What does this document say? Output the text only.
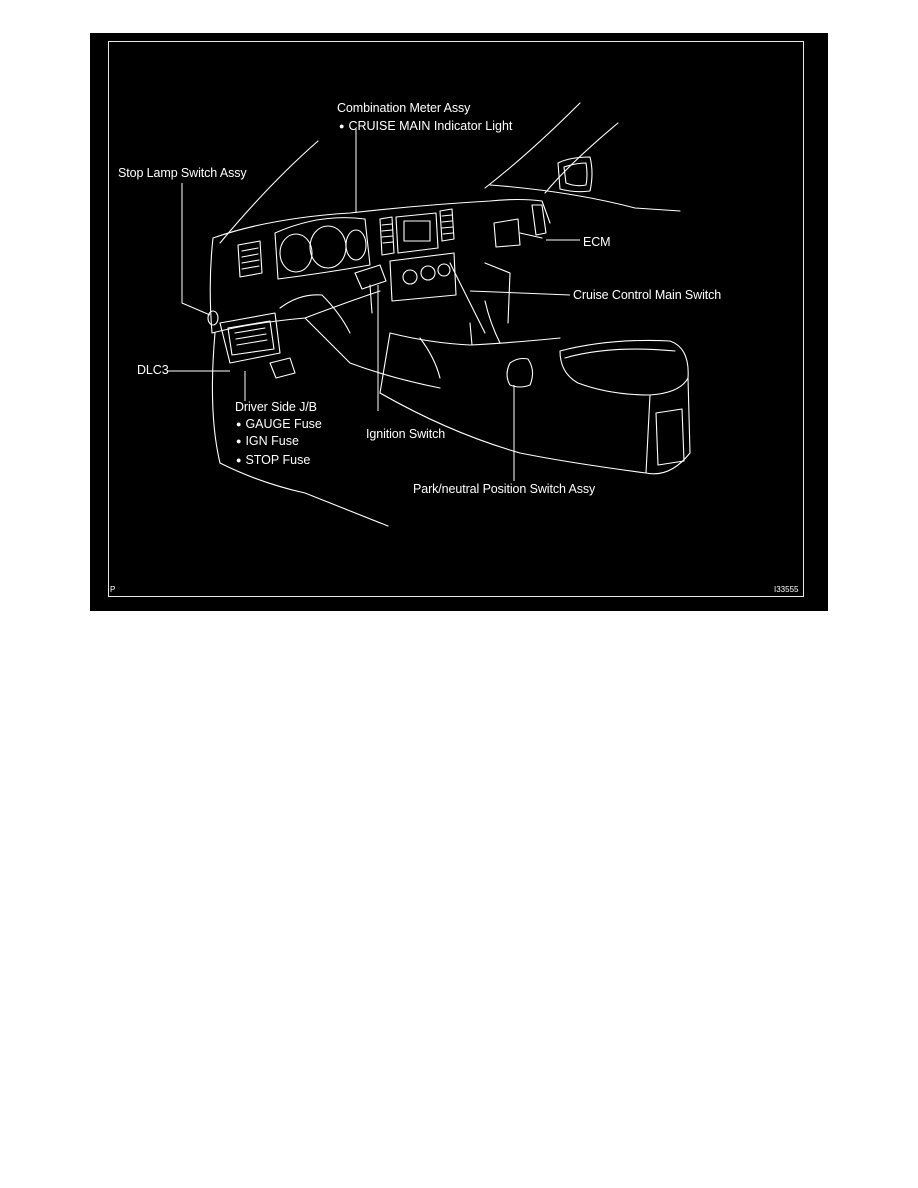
Combination Meter Assy
● CRUISE MAIN Indicator Light
Stop Lamp Switch Assy
ECM
Cruise Control Main Switch
DLC3
Driver Side J/B
● GAUGE Fuse
● IGN Fuse
● STOP Fuse
Ignition Switch
Park/neutral Position Switch Assy
P	I33555
